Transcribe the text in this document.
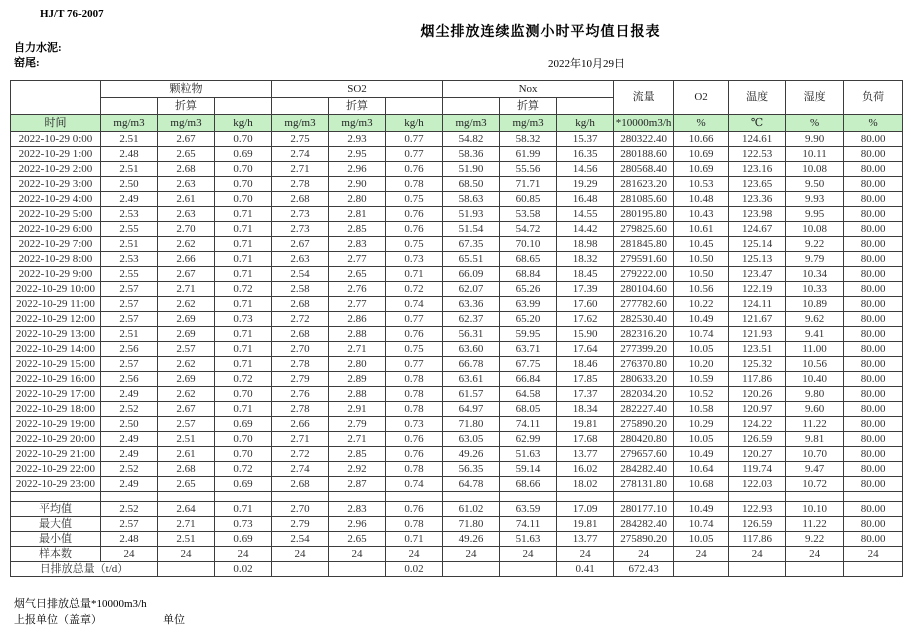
HJ/T 76-2007
烟尘排放连续监测小时平均值日报表
自力水泥:
窑尾:	2022年10月29日
	颗粒物			SO2			Nox			流量	O2	温度	湿度	负荷
		折算			折算			折算						
时间	mg/m3	mg/m3	kg/h	mg/m3	mg/m3	kg/h	mg/m3	mg/m3	kg/h	*10000m3/h	%	℃	%	%
2022-10-29 0:00	2.51	2.67	0.70	2.75	2.93	0.77	54.82	58.32	15.37	280322.40	10.66	124.61	9.90	80.00
2022-10-29 1:00	2.48	2.65	0.69	2.74	2.95	0.77	58.36	61.99	16.35	280188.60	10.69	122.53	10.11	80.00
2022-10-29 2:00	2.51	2.68	0.70	2.71	2.96	0.76	51.90	55.56	14.56	280568.40	10.69	123.16	10.08	80.00
2022-10-29 3:00	2.50	2.63	0.70	2.78	2.90	0.78	68.50	71.71	19.29	281623.20	10.53	123.65	9.50	80.00
2022-10-29 4:00	2.49	2.61	0.70	2.68	2.80	0.75	58.63	60.85	16.48	281085.60	10.48	123.36	9.93	80.00
2022-10-29 5:00	2.53	2.63	0.71	2.73	2.81	0.76	51.93	53.58	14.55	280195.80	10.43	123.98	9.95	80.00
2022-10-29 6:00	2.55	2.70	0.71	2.73	2.85	0.76	51.54	54.72	14.42	279825.60	10.61	124.67	10.08	80.00
2022-10-29 7:00	2.51	2.62	0.71	2.67	2.83	0.75	67.35	70.10	18.98	281845.80	10.45	125.14	9.22	80.00
2022-10-29 8:00	2.53	2.66	0.71	2.63	2.77	0.73	65.51	68.65	18.32	279591.60	10.50	125.13	9.79	80.00
2022-10-29 9:00	2.55	2.67	0.71	2.54	2.65	0.71	66.09	68.84	18.45	279222.00	10.50	123.47	10.34	80.00
2022-10-29 10:00	2.57	2.71	0.72	2.58	2.76	0.72	62.07	65.26	17.39	280104.60	10.56	122.19	10.33	80.00
2022-10-29 11:00	2.57	2.62	0.71	2.68	2.77	0.74	63.36	63.99	17.60	277782.60	10.22	124.11	10.89	80.00
2022-10-29 12:00	2.57	2.69	0.73	2.72	2.86	0.77	62.37	65.20	17.62	282530.40	10.49	121.67	9.62	80.00
2022-10-29 13:00	2.51	2.69	0.71	2.68	2.88	0.76	56.31	59.95	15.90	282316.20	10.74	121.93	9.41	80.00
2022-10-29 14:00	2.56	2.57	0.71	2.70	2.71	0.75	63.60	63.71	17.64	277399.20	10.05	123.51	11.00	80.00
2022-10-29 15:00	2.57	2.62	0.71	2.78	2.80	0.77	66.78	67.75	18.46	276370.80	10.20	125.32	10.56	80.00
2022-10-29 16:00	2.56	2.69	0.72	2.79	2.89	0.78	63.61	66.84	17.85	280633.20	10.59	117.86	10.40	80.00
2022-10-29 17:00	2.49	2.62	0.70	2.76	2.88	0.78	61.57	64.58	17.37	282034.20	10.52	120.26	9.80	80.00
2022-10-29 18:00	2.52	2.67	0.71	2.78	2.91	0.78	64.97	68.05	18.34	282227.40	10.58	120.97	9.60	80.00
2022-10-29 19:00	2.50	2.57	0.69	2.66	2.79	0.73	71.80	74.11	19.81	275890.20	10.29	124.22	11.22	80.00
2022-10-29 20:00	2.49	2.51	0.70	2.71	2.71	0.76	63.05	62.99	17.68	280420.80	10.05	126.59	9.81	80.00
2022-10-29 21:00	2.49	2.61	0.70	2.72	2.85	0.76	49.26	51.63	13.77	279657.60	10.49	120.27	10.70	80.00
2022-10-29 22:00	2.52	2.68	0.72	2.74	2.92	0.78	56.35	59.14	16.02	284282.40	10.64	119.74	9.47	80.00
2022-10-29 23:00	2.49	2.65	0.69	2.68	2.87	0.74	64.78	68.66	18.02	278131.80	10.68	122.03	10.72	80.00

平均值	2.52	2.64	0.71	2.70	2.83	0.76	61.02	63.59	17.09	280177.10	10.49	122.93	10.10	80.00
最大值	2.57	2.71	0.73	2.79	2.96	0.78	71.80	74.11	19.81	284282.40	10.74	126.59	11.22	80.00
最小值	2.48	2.51	0.69	2.54	2.65	0.71	49.26	51.63	13.77	275890.20	10.05	117.86	9.22	80.00
样本数	24	24	24	24	24	24	24	24	24	24	24	24	24	24
日排放总量（t/d）			0.02			0.02			0.41	672.43				
烟气日排放总量*10000m3/h
上报单位（盖章）	单位
